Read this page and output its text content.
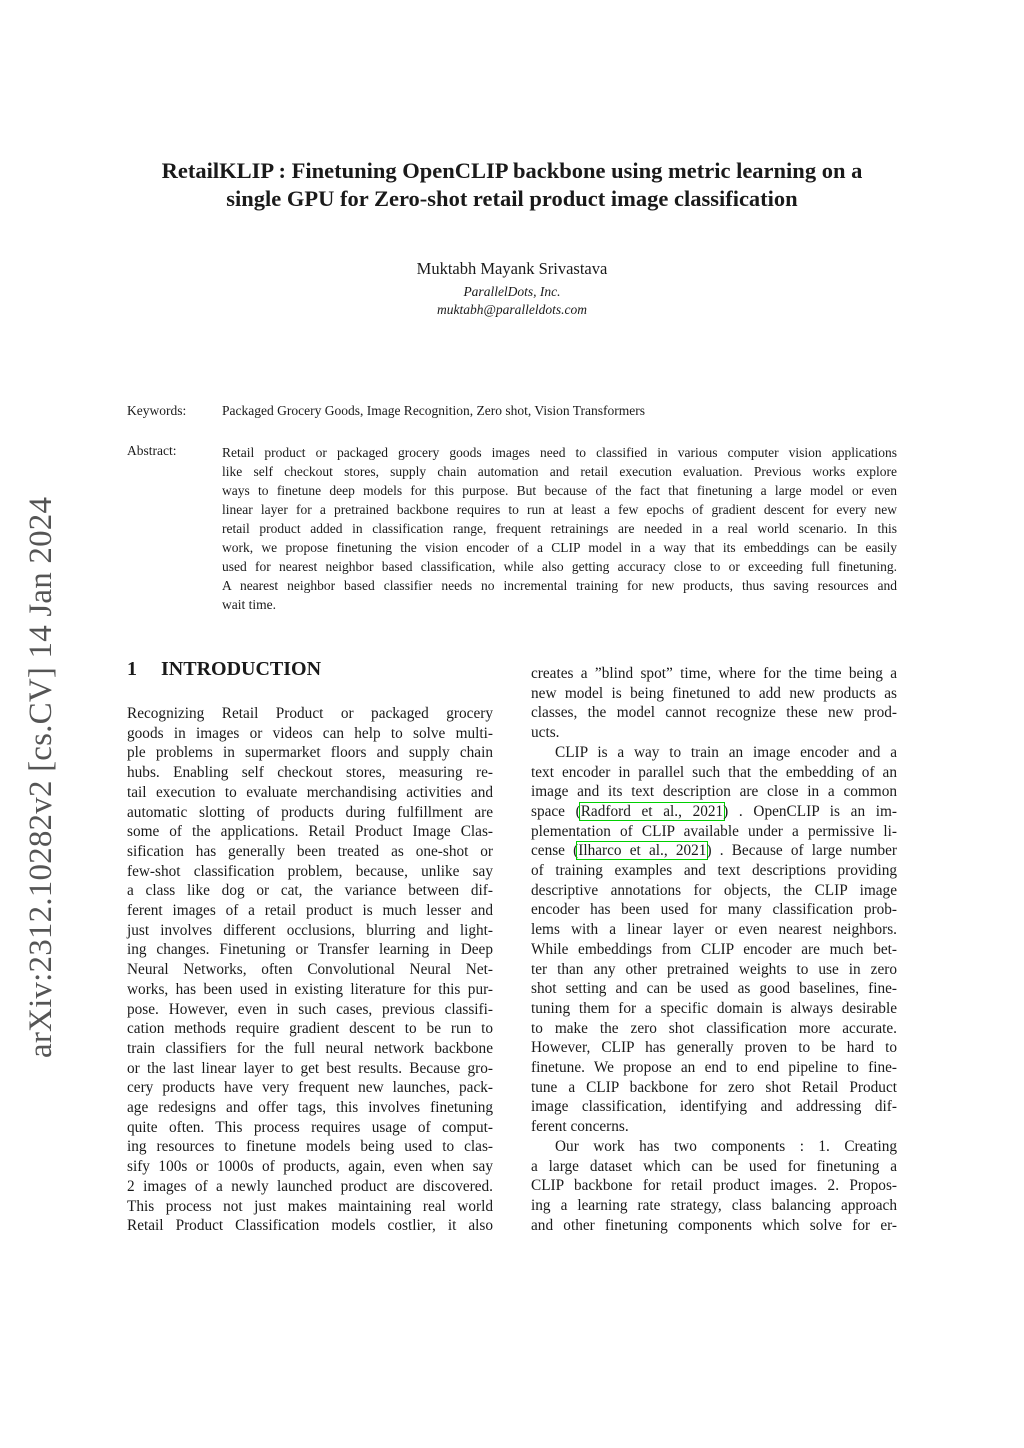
arXiv:2312.10282v2 [cs.CV] 14 Jan 2024
RetailKLIP : Finetuning OpenCLIP backbone using metric learning on a
single GPU for Zero-shot retail product image classification
Muktabh Mayank Srivastava
ParallelDots, Inc.
muktabh@paralleldots.com
Keywords:	Packaged Grocery Goods, Image Recognition, Zero shot, Vision Transformers
Abstract:	Retail product or packaged grocery goods images need to classified in various computer vision applications
like self checkout stores, supply chain automation and retail execution evaluation. Previous works explore
ways to finetune deep models for this purpose. But because of the fact that finetuning a large model or even
linear layer for a pretrained backbone requires to run at least a few epochs of gradient descent for every new
retail product added in classification range, frequent retrainings are needed in a real world scenario. In this
work, we propose finetuning the vision encoder of a CLIP model in a way that its embeddings can be easily
used for nearest neighbor based classification, while also getting accuracy close to or exceeding full finetuning.
A nearest neighbor based classifier needs no incremental training for new products, thus saving resources and
wait time.
1 INTRODUCTION
Recognizing Retail Product or packaged grocery
goods in images or videos can help to solve multi-
ple problems in supermarket floors and supply chain
hubs. Enabling self checkout stores, measuring re-
tail execution to evaluate merchandising activities and
automatic slotting of products during fulfillment are
some of the applications. Retail Product Image Clas-
sification has generally been treated as one-shot or
few-shot classification problem, because, unlike say
a class like dog or cat, the variance between dif-
ferent images of a retail product is much lesser and
just involves different occlusions, blurring and light-
ing changes. Finetuning or Transfer learning in Deep
Neural Networks, often Convolutional Neural Net-
works, has been used in existing literature for this pur-
pose. However, even in such cases, previous classifi-
cation methods require gradient descent to be run to
train classifiers for the full neural network backbone
or the last linear layer to get best results. Because gro-
cery products have very frequent new launches, pack-
age redesigns and offer tags, this involves finetuning
quite often. This process requires usage of comput-
ing resources to finetune models being used to clas-
sify 100s or 1000s of products, again, even when say
2 images of a newly launched product are discovered.
This process not just makes maintaining real world
Retail Product Classification models costlier, it also
creates a ”blind spot” time, where for the time being a
new model is being finetuned to add new products as
classes, the model cannot recognize these new prod-
ucts.
CLIP is a way to train an image encoder and a
text encoder in parallel such that the embedding of an
image and its text description are close in a common
space (Radford et al., 2021) . OpenCLIP is an im-
plementation of CLIP available under a permissive li-
cense (Ilharco et al., 2021) . Because of large number
of training examples and text descriptions providing
descriptive annotations for objects, the CLIP image
encoder has been used for many classification prob-
lems with a linear layer or even nearest neighbors.
While embeddings from CLIP encoder are much bet-
ter than any other pretrained weights to use in zero
shot setting and can be used as good baselines, fine-
tuning them for a specific domain is always desirable
to make the zero shot classification more accurate.
However, CLIP has generally proven to be hard to
finetune. We propose an end to end pipeline to fine-
tune a CLIP backbone for zero shot Retail Product
image classification, identifying and addressing dif-
ferent concerns.
Our work has two components : 1. Creating
a large dataset which can be used for finetuning a
CLIP backbone for retail product images. 2. Propos-
ing a learning rate strategy, class balancing approach
and other finetuning components which solve for er-
